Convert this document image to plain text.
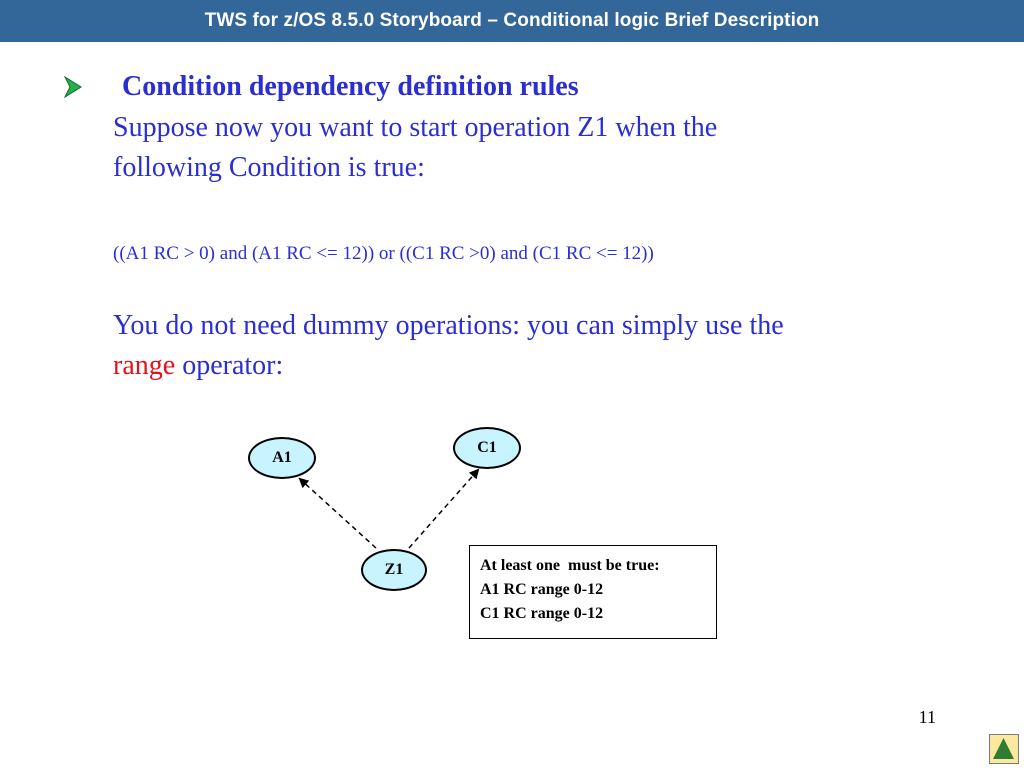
TWS for z/OS 8.5.0 Storyboard – Conditional logic Brief Description
Condition dependency definition rules
Suppose now you want to start operation Z1 when the
following Condition is true:
((A1 RC > 0) and (A1 RC <= 12)) or ((C1 RC >0) and (C1 RC <= 12))
You do not need dummy operations: you can simply use the
range operator:
A1
C1
Z1	At least one  must be true:
A1 RC range 0-12
C1 RC range 0-12
11
